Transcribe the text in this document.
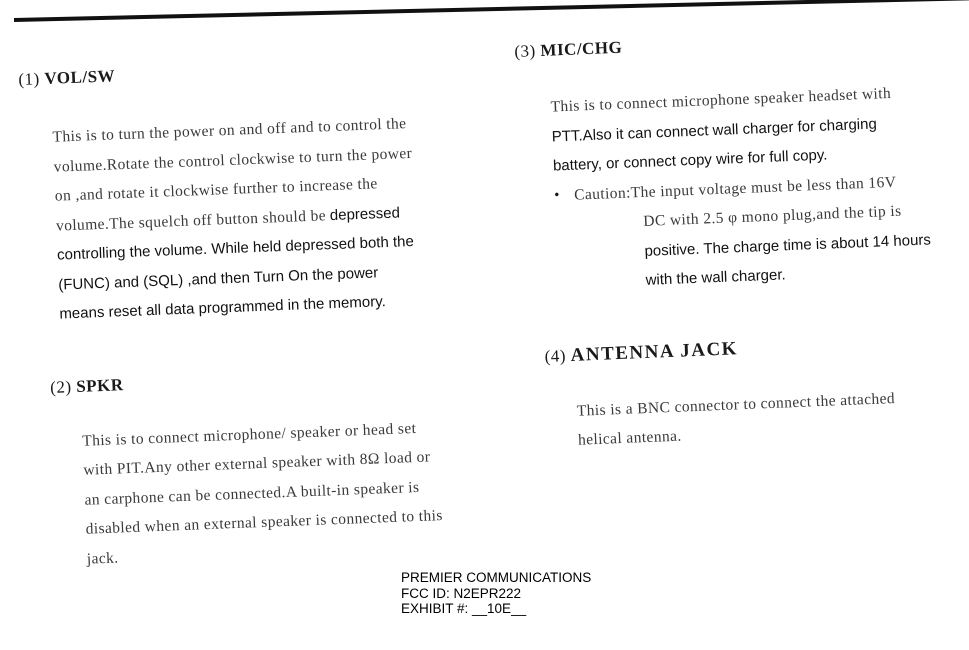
(1) VOL/SW

This is to turn the power on and off and to control the

volume.Rotate the control clockwise to turn the power

on ,and rotate it clockwise further to increase the

volume.The squelch off button should be depressed

controlling the volume. While held depressed both the

(FUNC) and (SQL) ,and then Turn On the power

means reset all data programmed in the memory.

(2) SPKR

This is to connect microphone/ speaker or head set

with PIT.Any other external speaker with 8Ω load or

an carphone can be connected.A built-in speaker is

disabled when an external speaker is connected to this

jack.

(3) MIC/CHG

This is to connect microphone speaker headset with

PTT.Also it can connect wall charger for charging

battery, or connect copy wire for full copy.

• Caution:The input voltage must be less than 16V

DC with 2.5 φ mono plug,and the tip is

positive. The charge time is about 14 hours

with the wall charger.

(4) ANTENNA JACK

This is a BNC connector to connect the attached

helical antenna.

PREMIER COMMUNICATIONS

FCC ID: N2EPR222

EXHIBIT #: __10E__
